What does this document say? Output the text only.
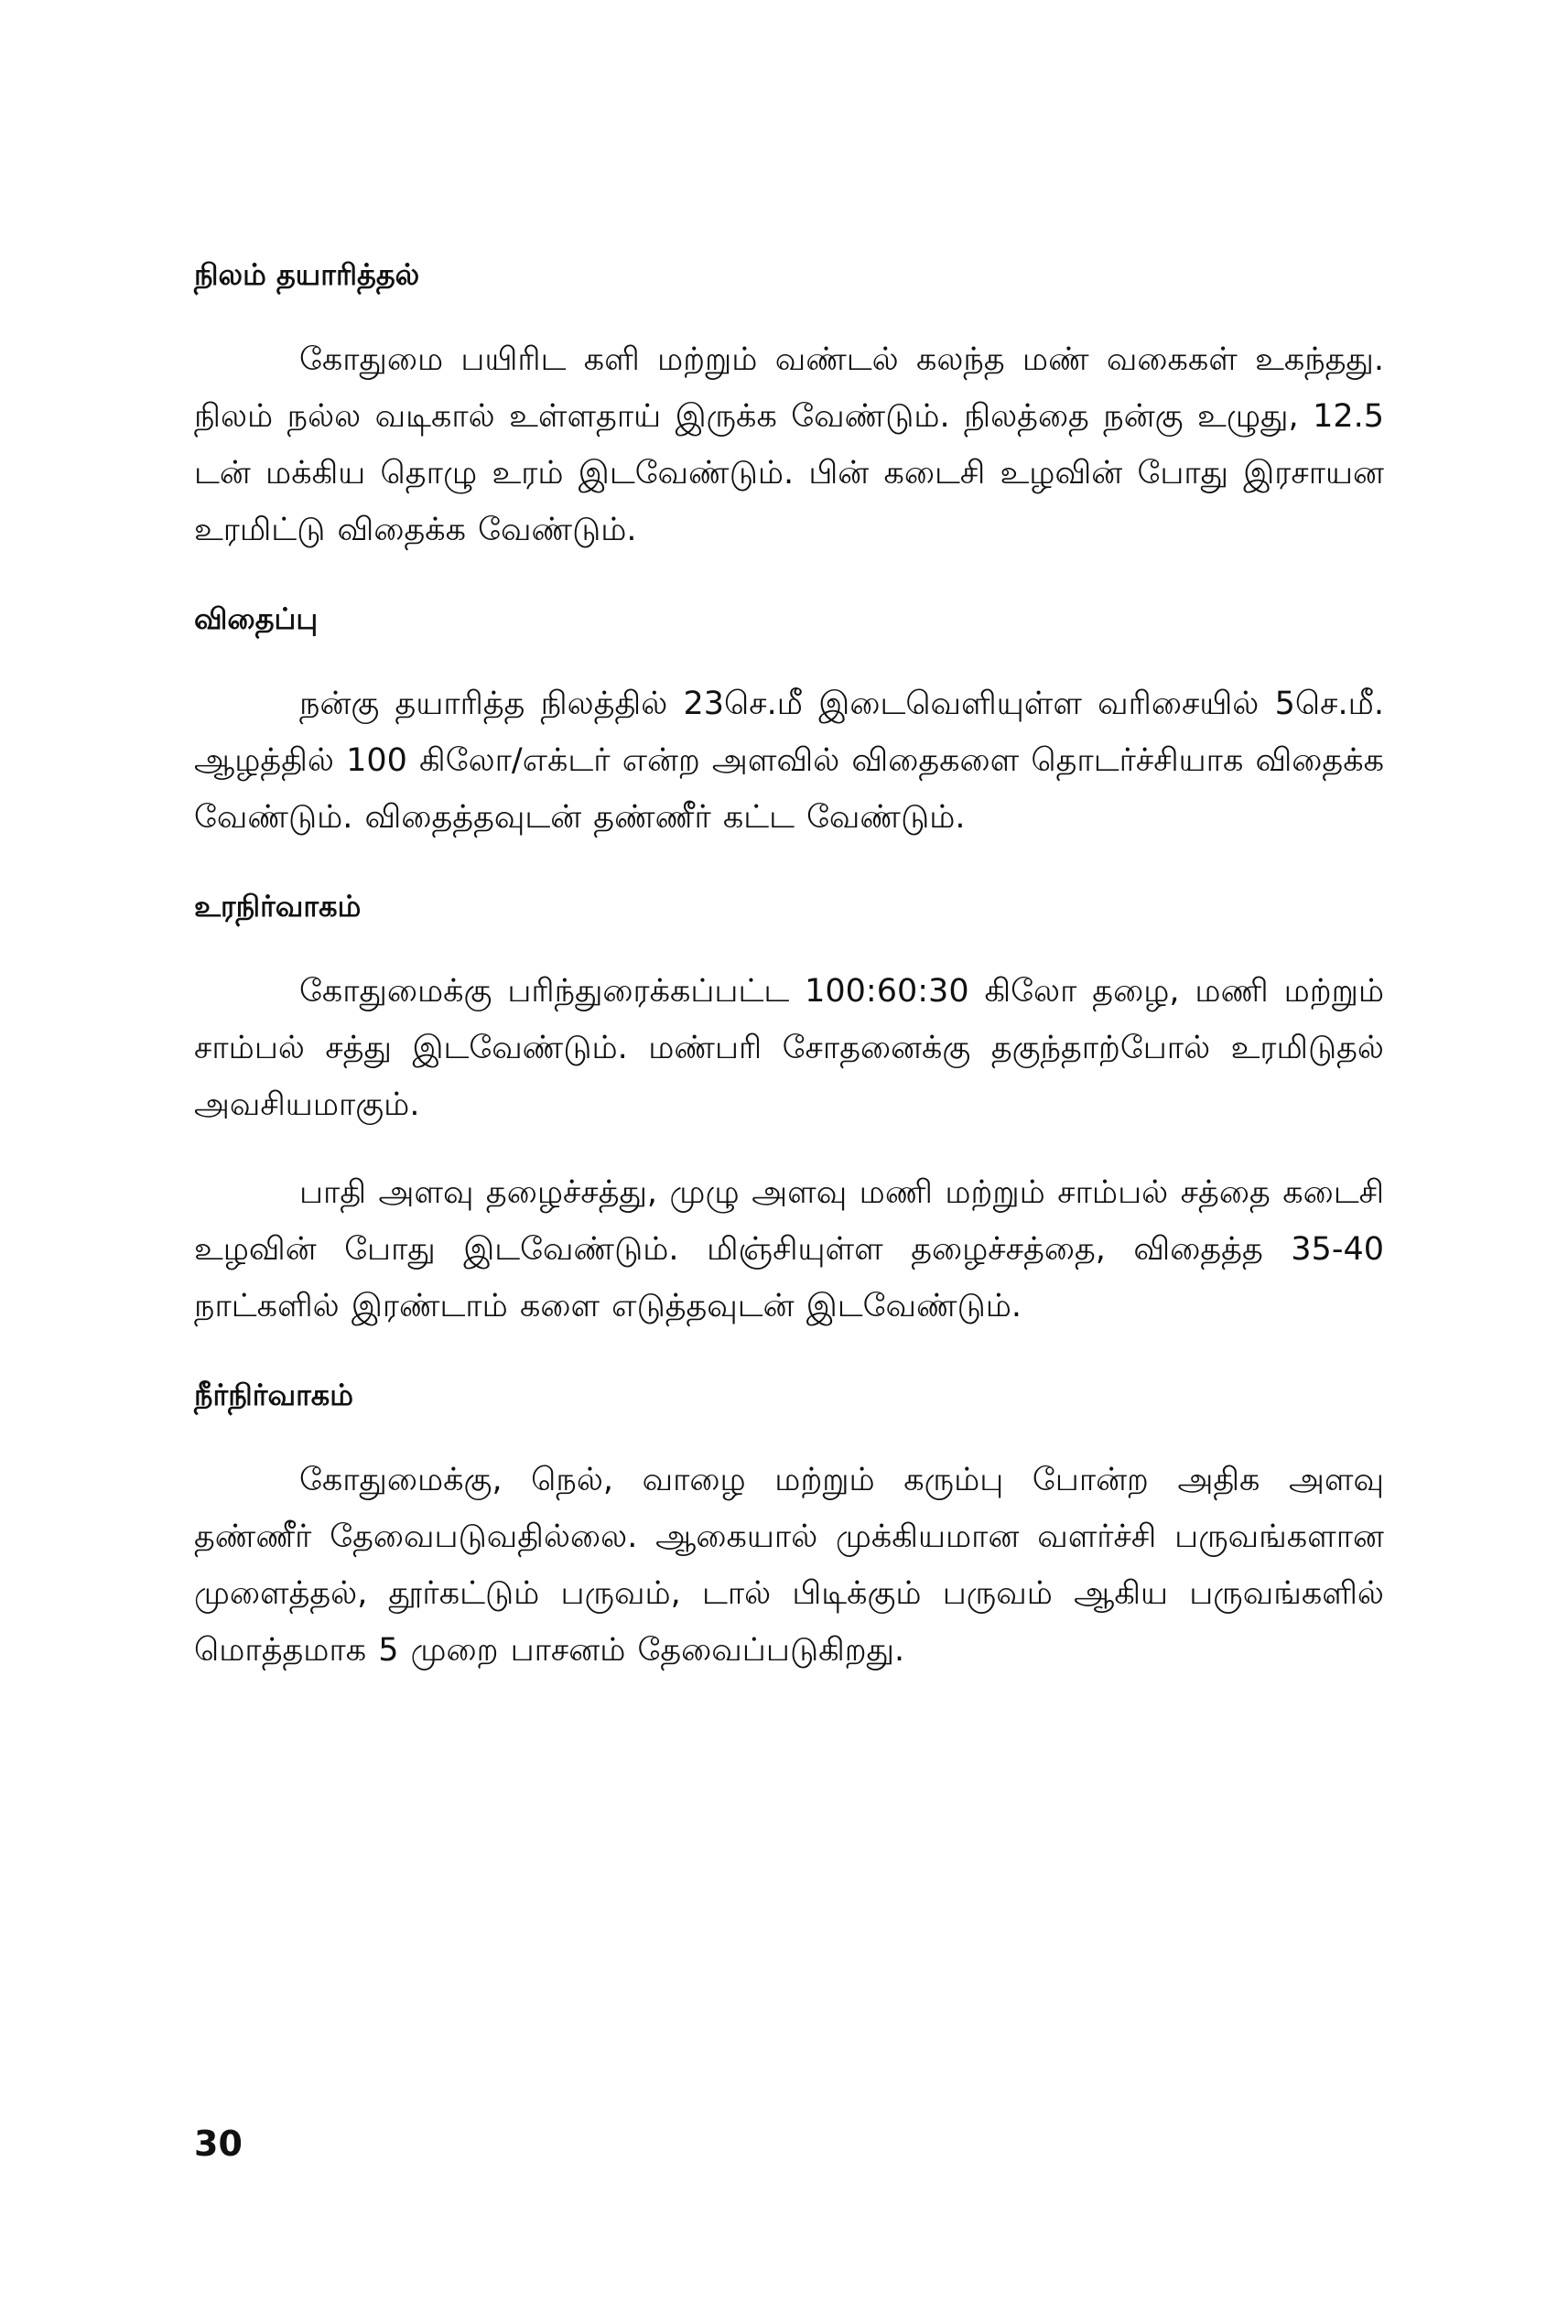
நிலம் தயாரித்தல்

கோதுமை பயிரிட களி மற்றும் வண்டல் கலந்த மண் வகைகள் உகந்தது. நிலம் நல்ல வடிகால் உள்ளதாய் இருக்க வேண்டும். நிலத்தை நன்கு உழுது, 12.5 டன் மக்கிய தொழு உரம் இடவேண்டும். பின் கடைசி உழவின் போது இரசாயன உரமிட்டு விதைக்க வேண்டும்.

விதைப்பு

நன்கு தயாரித்த நிலத்தில் 23செ.மீ இடைவெளியுள்ள வரிசையில் 5செ.மீ. ஆழத்தில் 100 கிலோ/எக்டர் என்ற அளவில் விதைகளை தொடர்ச்சியாக விதைக்க வேண்டும். விதைத்தவுடன் தண்ணீர் கட்ட வேண்டும்.

உரநிர்வாகம்

கோதுமைக்கு பரிந்துரைக்கப்பட்ட 100:60:30 கிலோ தழை, மணி மற்றும் சாம்பல் சத்து இடவேண்டும். மண்பரி சோதனைக்கு தகுந்தாற்போல் உரமிடுதல் அவசியமாகும்.

பாதி அளவு தழைச்சத்து, முழு அளவு மணி மற்றும் சாம்பல் சத்தை கடைசி உழவின் போது இடவேண்டும். மிஞ்சியுள்ள தழைச்சத்தை, விதைத்த 35-40 நாட்களில் இரண்டாம் களை எடுத்தவுடன் இடவேண்டும்.

நீர்நிர்வாகம்

கோதுமைக்கு, நெல், வாழை மற்றும் கரும்பு போன்ற அதிக அளவு தண்ணீர் தேவைபடுவதில்லை. ஆகையால் முக்கியமான வளர்ச்சி பருவங்களான முளைத்தல், தூர்கட்டும் பருவம், டால் பிடிக்கும் பருவம் ஆகிய பருவங்களில் மொத்தமாக 5 முறை பாசனம் தேவைப்படுகிறது.

30
